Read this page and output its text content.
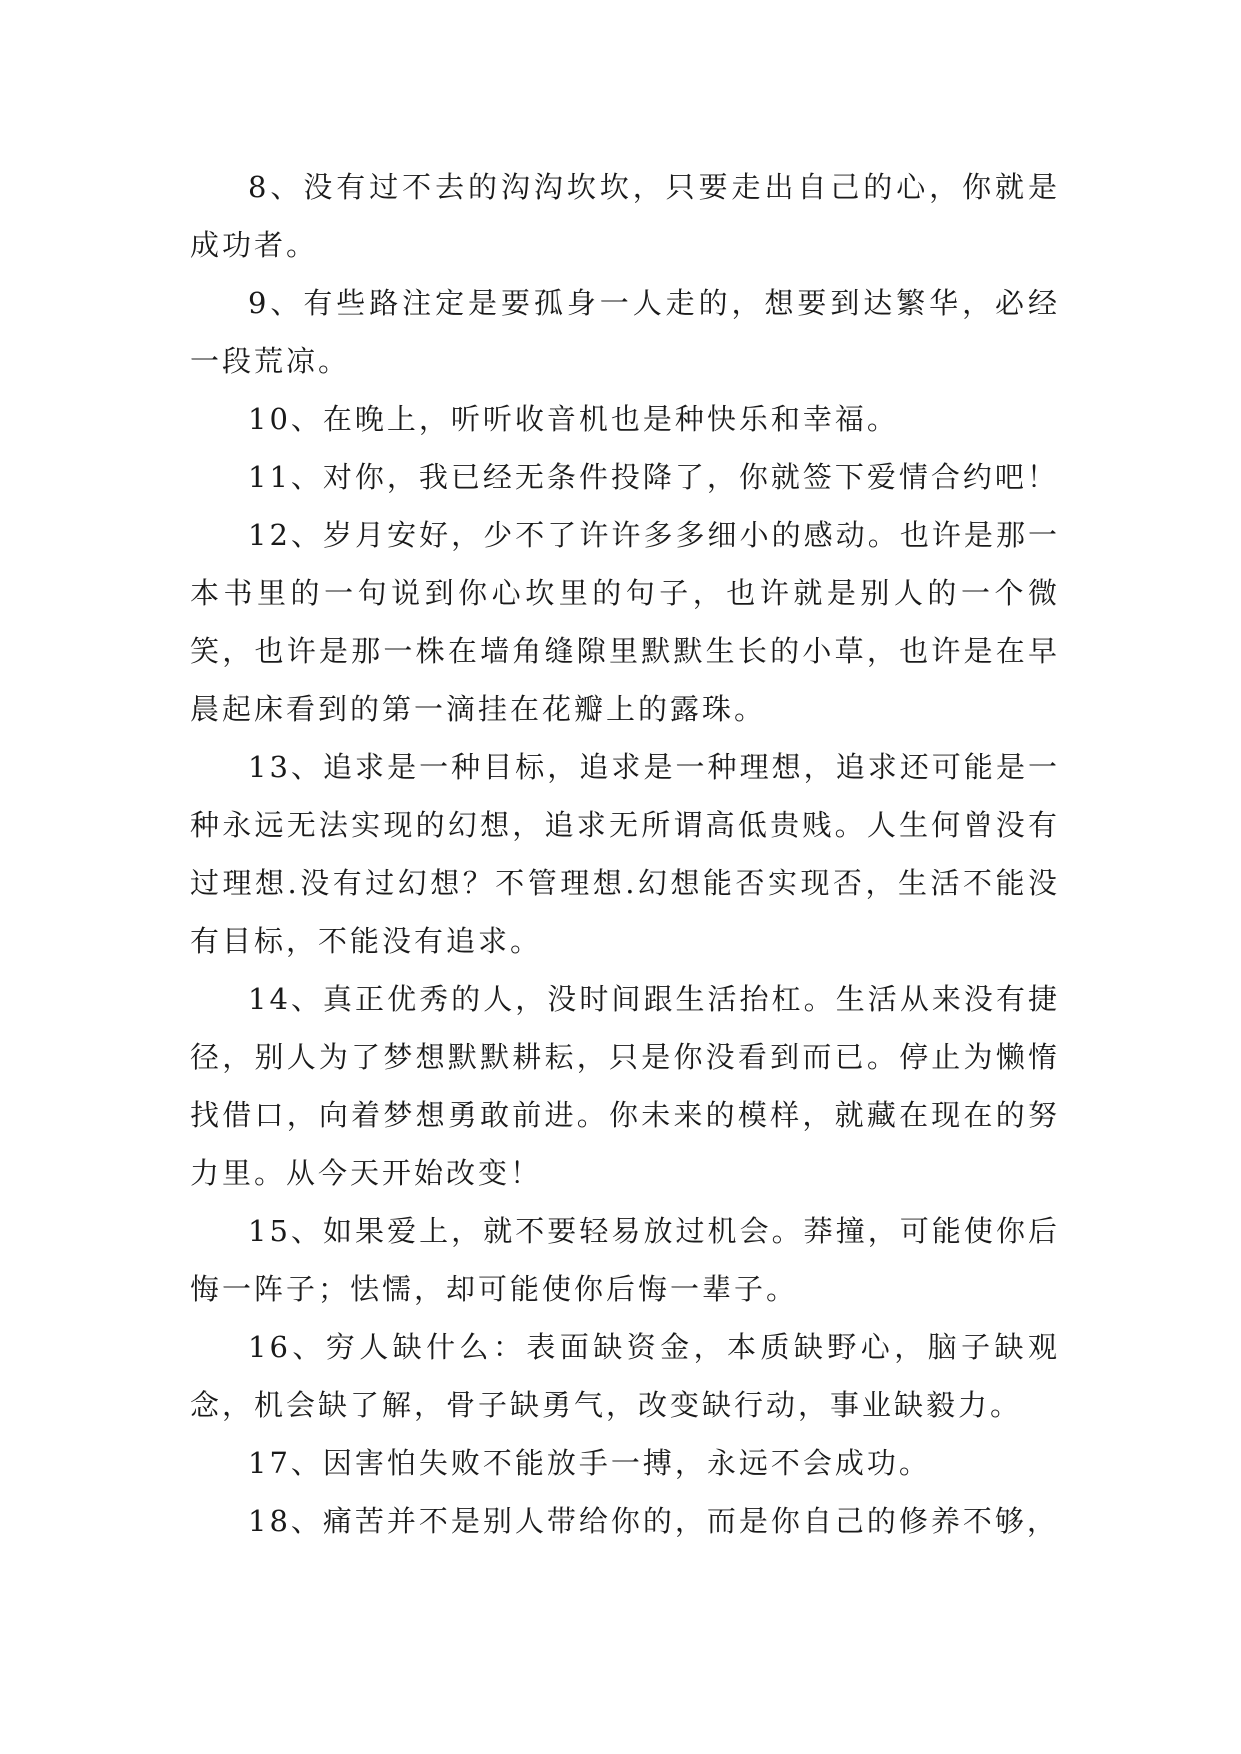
8、没有过不去的沟沟坎坎，只要走出自己的心，你就是成功者。

9、有些路注定是要孤身一人走的，想要到达繁华，必经一段荒凉。

10、在晚上，听听收音机也是种快乐和幸福。

11、对你，我已经无条件投降了，你就签下爱情合约吧！

12、岁月安好，少不了许许多多细小的感动。也许是那一本书里的一句说到你心坎里的句子，也许就是别人的一个微笑，也许是那一株在墙角缝隙里默默生长的小草，也许是在早晨起床看到的第一滴挂在花瓣上的露珠。

13、追求是一种目标，追求是一种理想，追求还可能是一种永远无法实现的幻想，追求无所谓高低贵贱。人生何曾没有过理想.没有过幻想？不管理想.幻想能否实现否，生活不能没有目标，不能没有追求。

14、真正优秀的人，没时间跟生活抬杠。生活从来没有捷径，别人为了梦想默默耕耘，只是你没看到而已。停止为懒惰找借口，向着梦想勇敢前进。你未来的模样，就藏在现在的努力里。从今天开始改变！

15、如果爱上，就不要轻易放过机会。莽撞，可能使你后悔一阵子；怯懦，却可能使你后悔一辈子。

16、穷人缺什么：表面缺资金，本质缺野心，脑子缺观念，机会缺了解，骨子缺勇气，改变缺行动，事业缺毅力。

17、因害怕失败不能放手一搏，永远不会成功。

18、痛苦并不是别人带给你的，而是你自己的修养不够，
